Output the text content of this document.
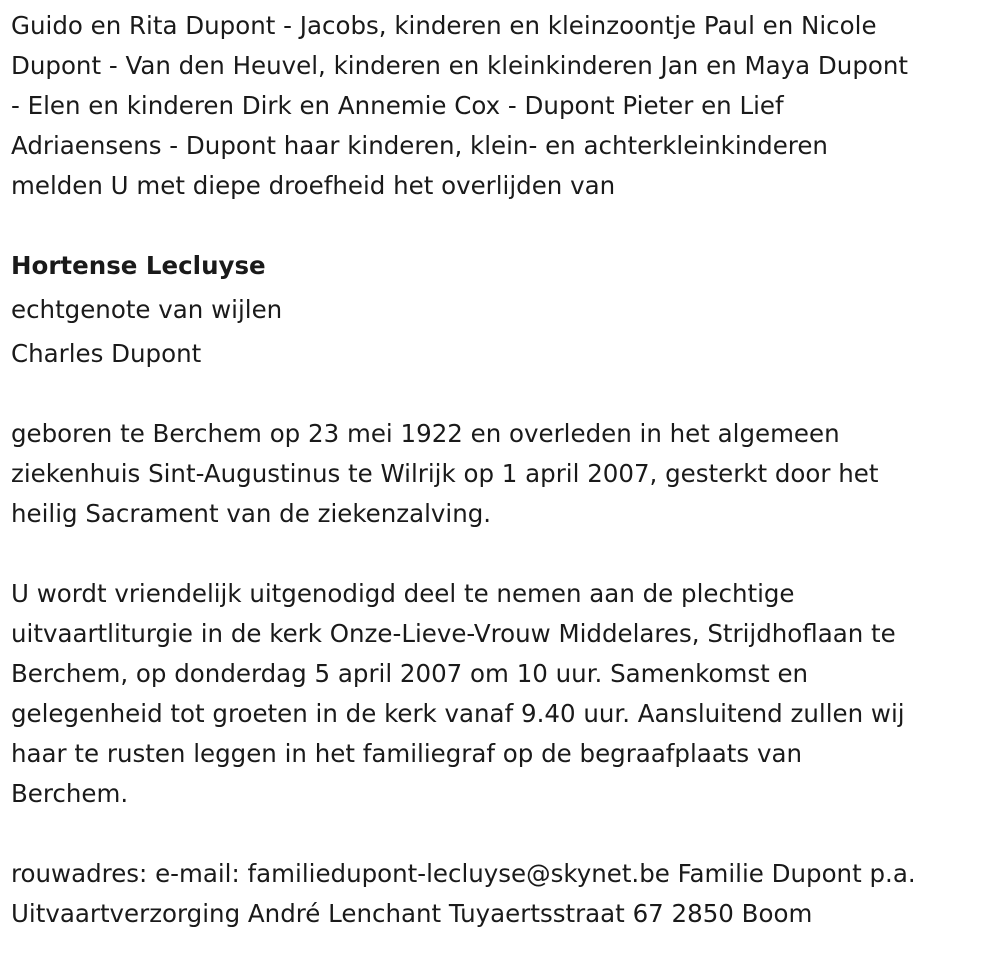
Guido en Rita Dupont - Jacobs, kinderen en kleinzoontje Paul en Nicole
Dupont - Van den Heuvel, kinderen en kleinkinderen Jan en Maya Dupont
- Elen en kinderen Dirk en Annemie Cox - Dupont Pieter en Lief
Adriaensens - Dupont haar kinderen, klein- en achterkleinkinderen
melden U met diepe droefheid het overlijden van
Hortense Lecluyse
echtgenote van wijlen
Charles Dupont
geboren te Berchem op 23 mei 1922 en overleden in het algemeen
ziekenhuis Sint-Augustinus te Wilrijk op 1 april 2007, gesterkt door het
heilig Sacrament van de ziekenzalving.
U wordt vriendelijk uitgenodigd deel te nemen aan de plechtige
uitvaartliturgie in de kerk Onze-Lieve-Vrouw Middelares, Strijdhoflaan te
Berchem, op donderdag 5 april 2007 om 10 uur. Samenkomst en
gelegenheid tot groeten in de kerk vanaf 9.40 uur. Aansluitend zullen wij
haar te rusten leggen in het familiegraf op de begraafplaats van
Berchem.
rouwadres: e-mail: familiedupont-lecluyse@skynet.be Familie Dupont p.a.
Uitvaartverzorging André Lenchant Tuyaertsstraat 67 2850 Boom
